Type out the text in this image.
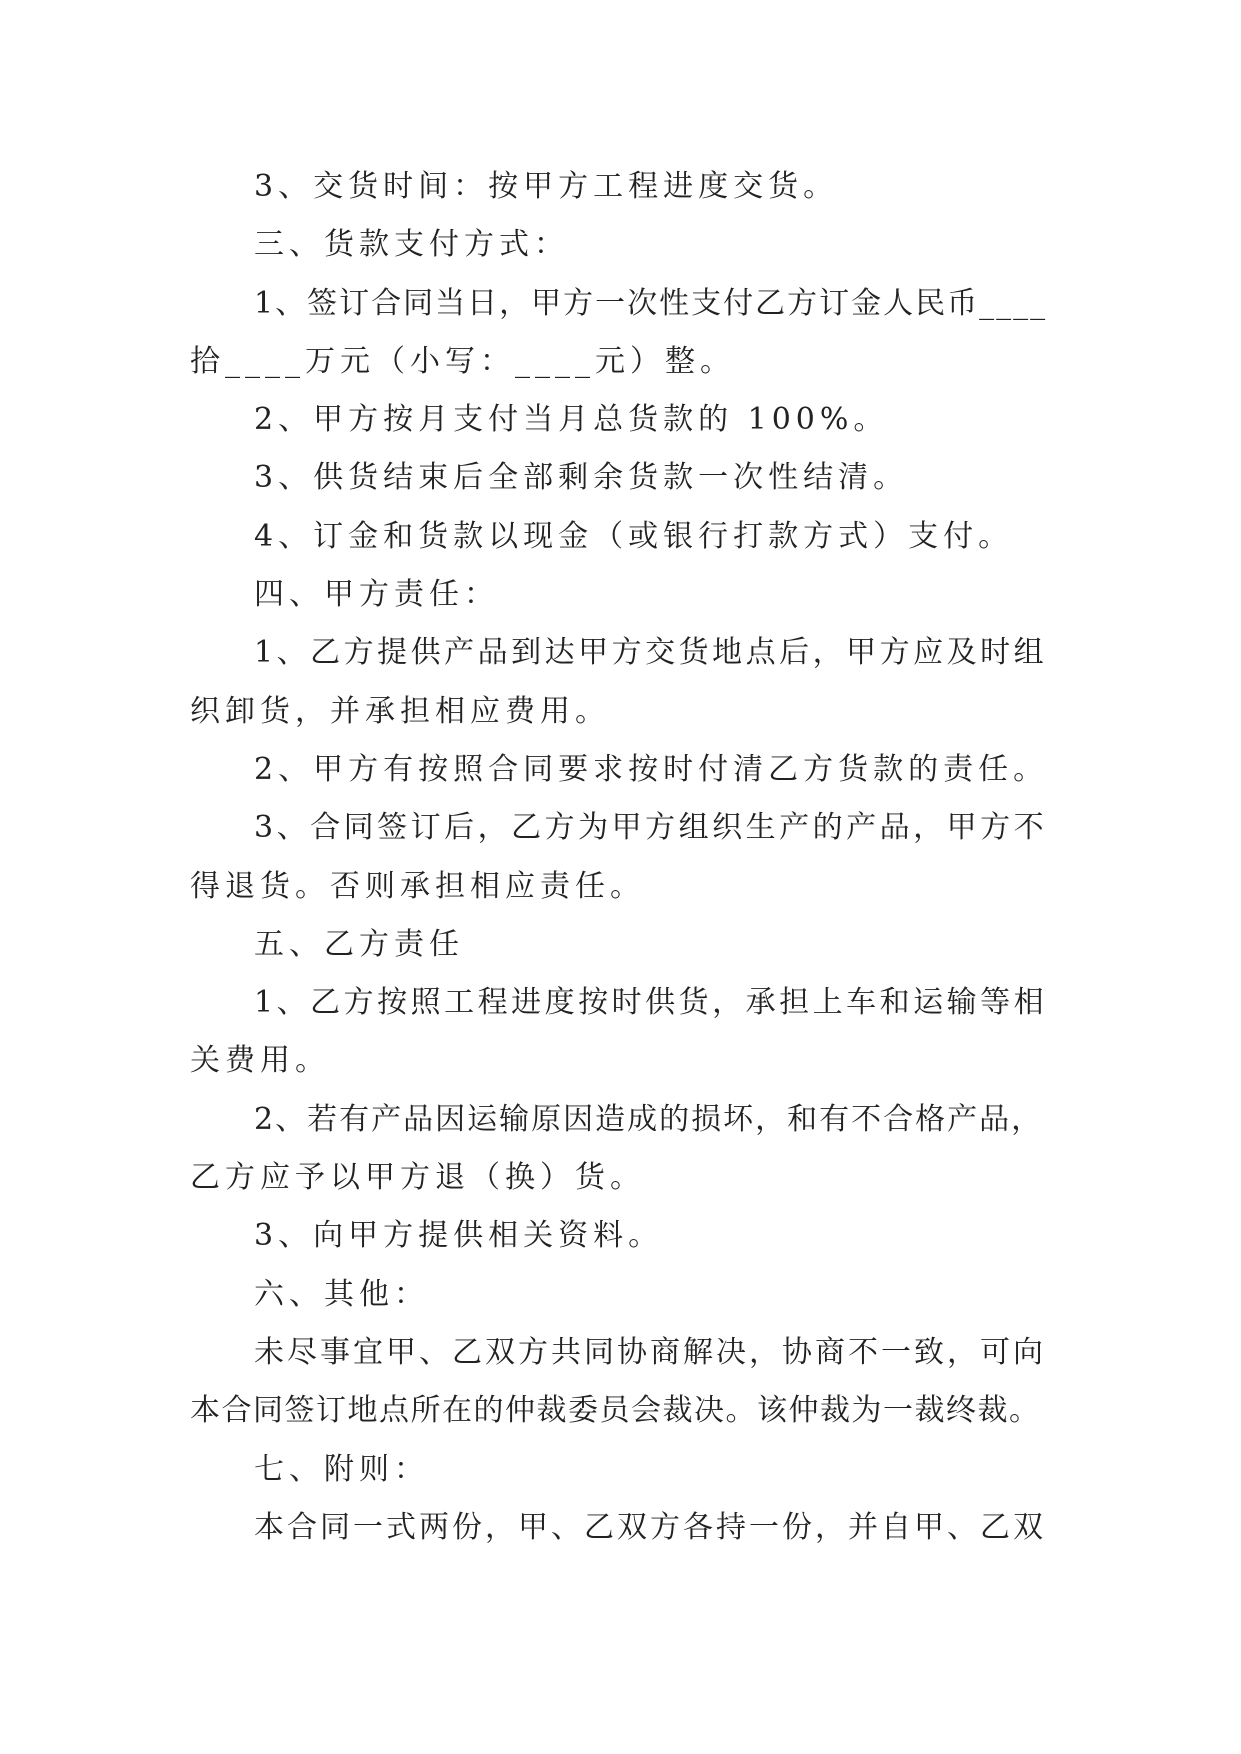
3、交货时间：按甲方工程进度交货。
三、货款支付方式：
1、签订合同当日，甲方一次性支付乙方订金人民币____
拾____万元（小写：____元）整。
2、甲方按月支付当月总货款的 100%。
3、供货结束后全部剩余货款一次性结清。
4、订金和货款以现金（或银行打款方式）支付。
四、甲方责任：
1、乙方提供产品到达甲方交货地点后，甲方应及时组
织卸货，并承担相应费用。
2、甲方有按照合同要求按时付清乙方货款的责任。
3、合同签订后，乙方为甲方组织生产的产品，甲方不
得退货。否则承担相应责任。
五、乙方责任
1、乙方按照工程进度按时供货，承担上车和运输等相
关费用。
2、若有产品因运输原因造成的损坏，和有不合格产品，
乙方应予以甲方退（换）货。
3、向甲方提供相关资料。
六、其他：
未尽事宜甲、乙双方共同协商解决，协商不一致，可向
本合同签订地点所在的仲裁委员会裁决。该仲裁为一裁终裁。
七、附则：
本合同一式两份，甲、乙双方各持一份，并自甲、乙双
